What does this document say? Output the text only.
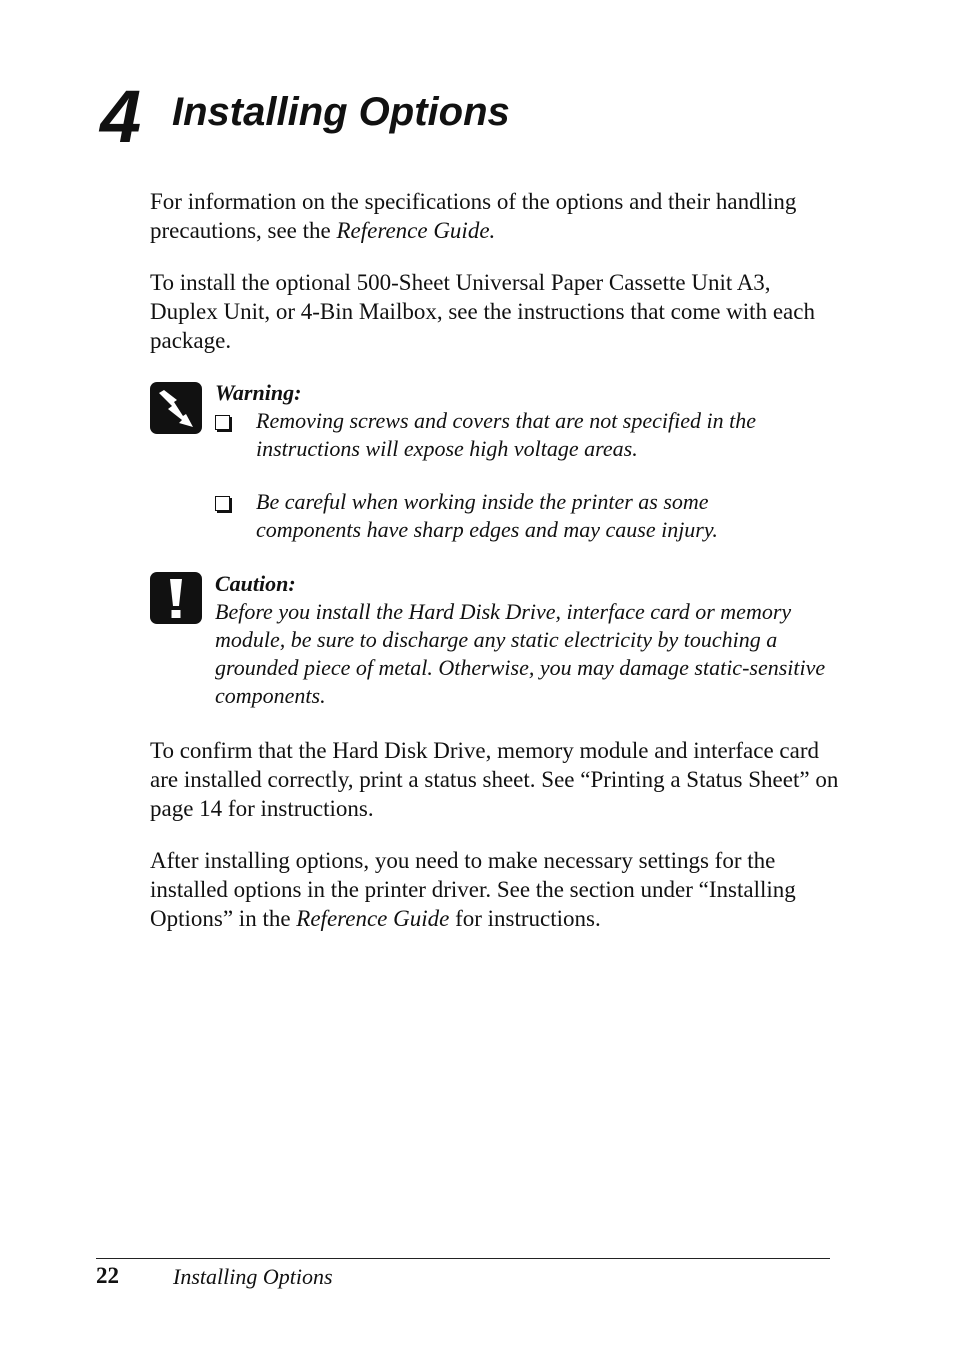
4 Installing Options

For information on the specifications of the options and their handling precautions, see the Reference Guide.

To install the optional 500-Sheet Universal Paper Cassette Unit A3, Duplex Unit, or 4-Bin Mailbox, see the instructions that come with each package.

Warning:

Removing screws and covers that are not specified in the instructions will expose high voltage areas.

Be careful when working inside the printer as some components have sharp edges and may cause injury.

Caution:

Before you install the Hard Disk Drive, interface card or memory module, be sure to discharge any static electricity by touching a grounded piece of metal. Otherwise, you may damage static-sensitive components.

To confirm that the Hard Disk Drive, memory module and interface card are installed correctly, print a status sheet. See “Printing a Status Sheet” on page 14 for instructions.

After installing options, you need to make necessary settings for the installed options in the printer driver. See the section under “Installing Options” in the Reference Guide for instructions.

22 Installing Options
